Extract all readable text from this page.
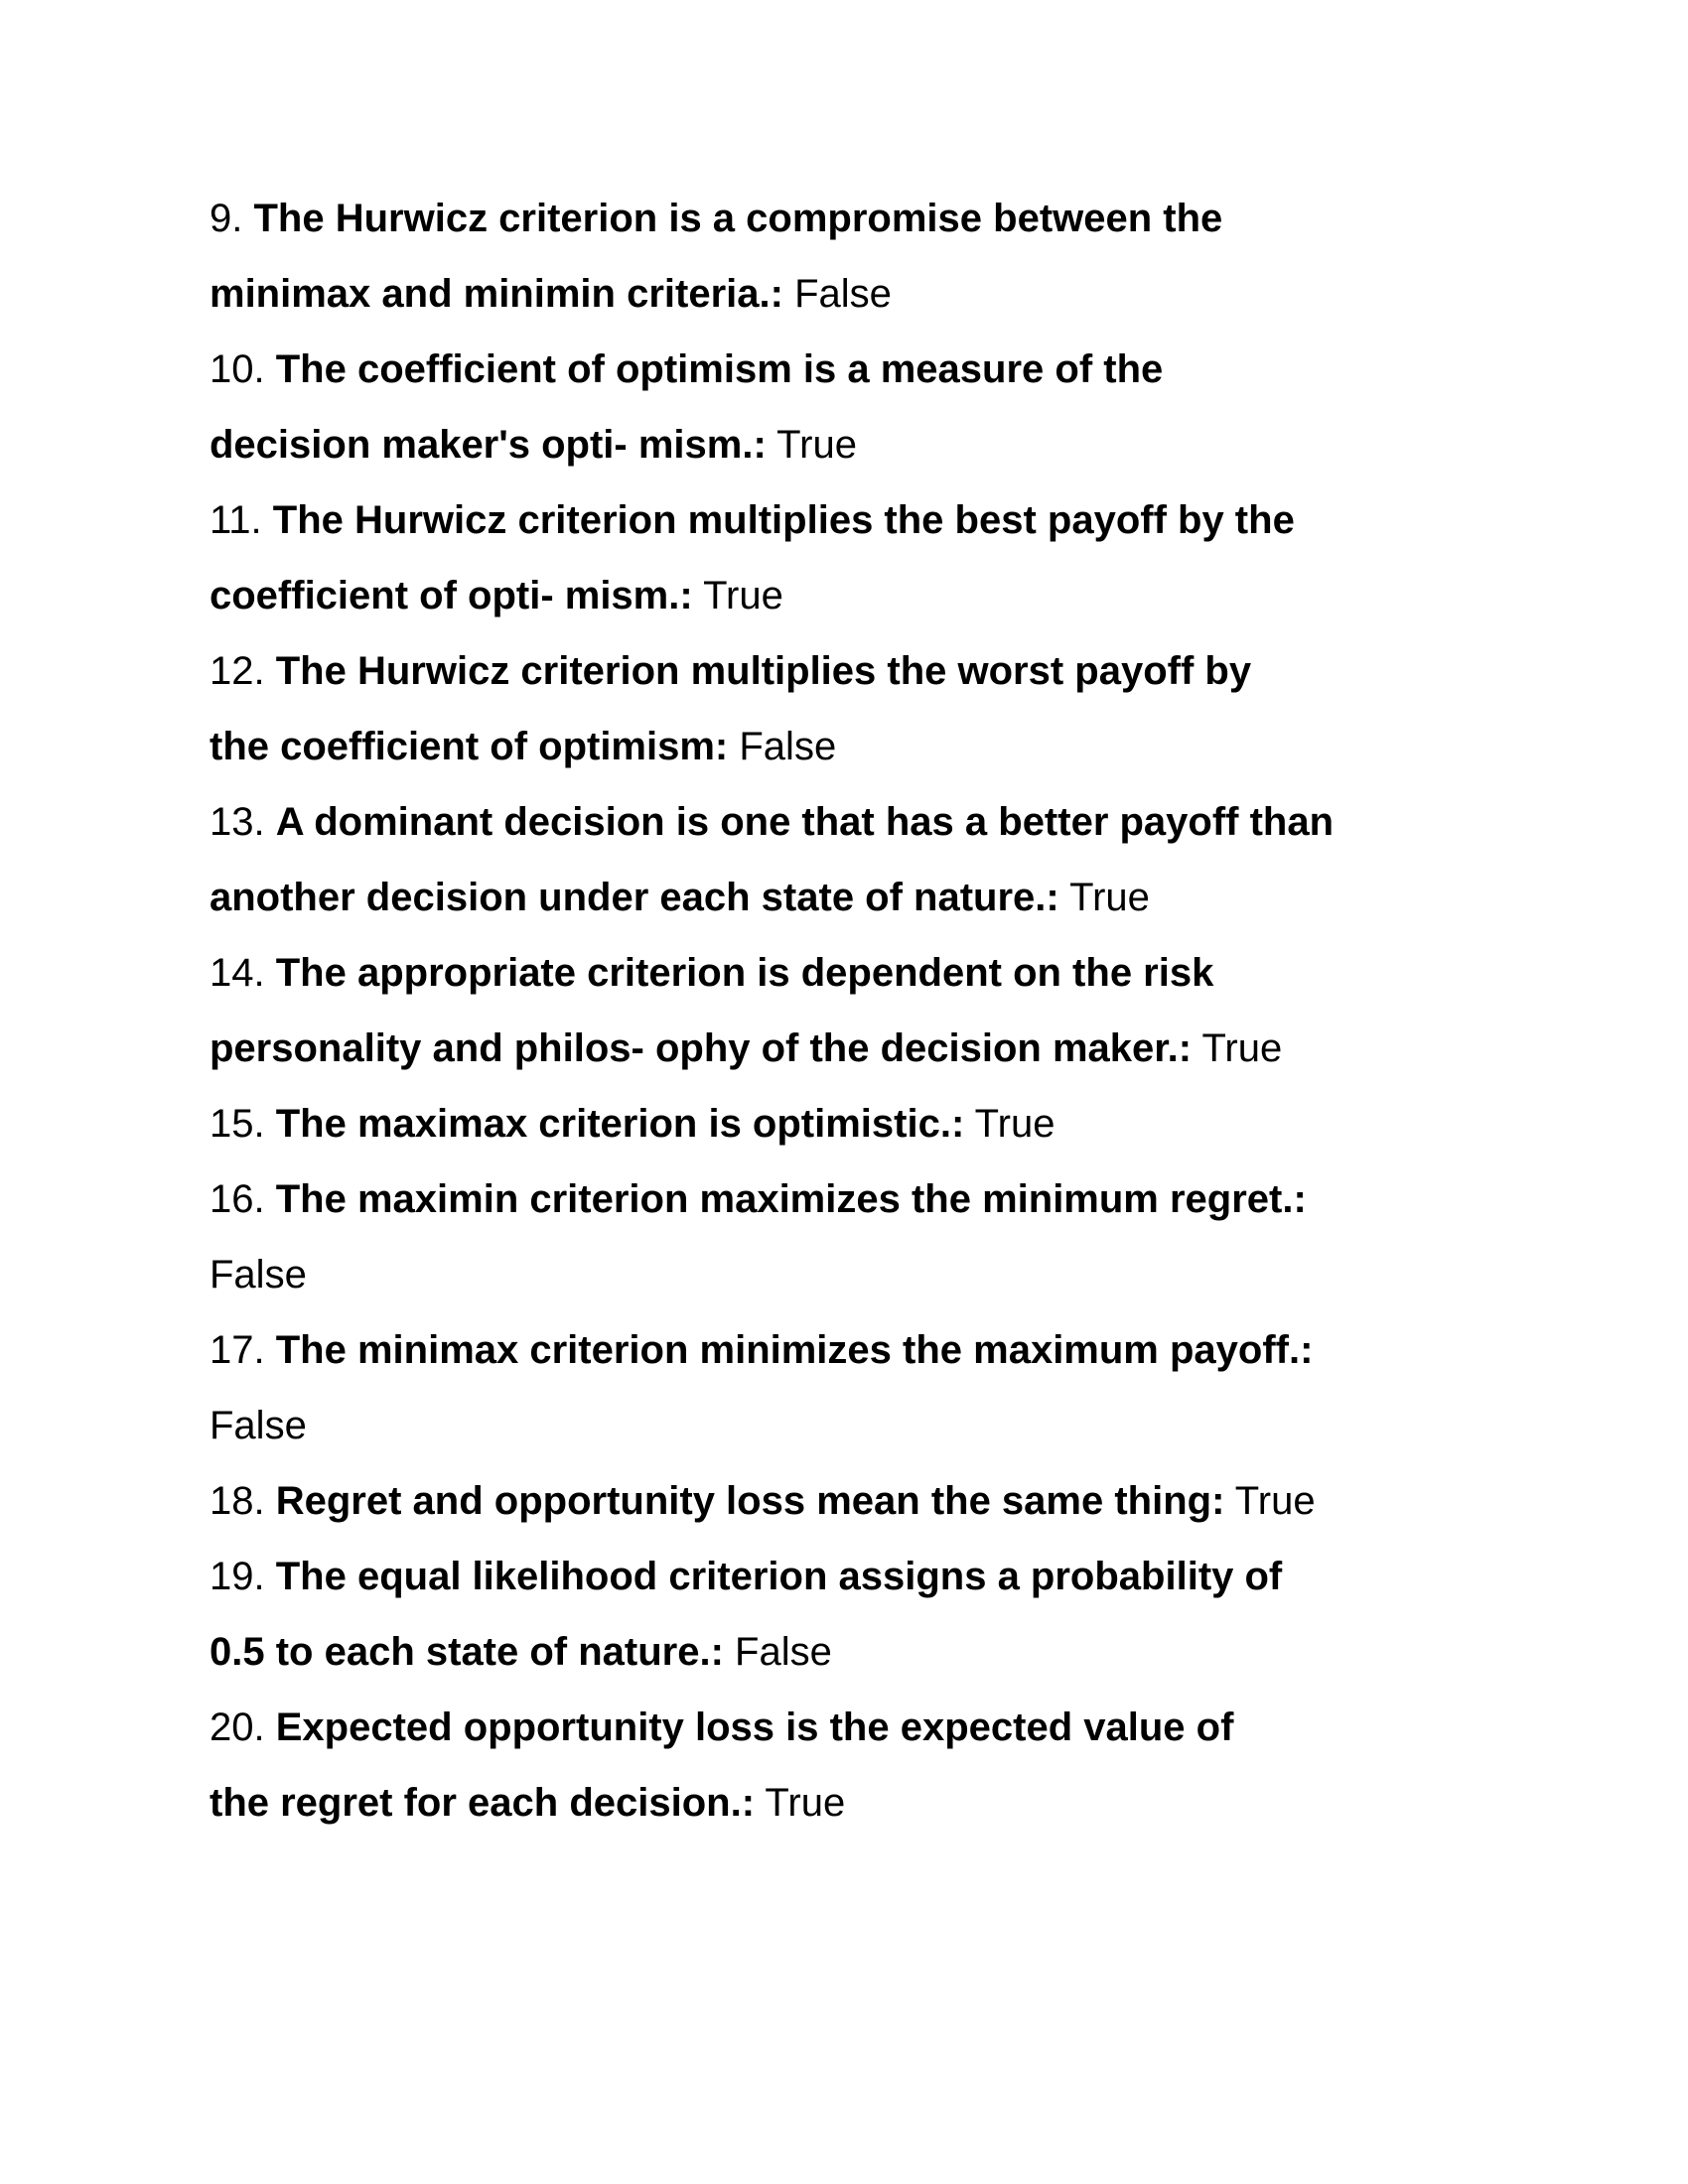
9. The Hurwicz criterion is a compromise between the
minimax and minimin criteria.: False
10. The coefficient of optimism is a measure of the
decision maker's opti- mism.: True
11. The Hurwicz criterion multiplies the best payoff by the
coefficient of opti- mism.: True
12. The Hurwicz criterion multiplies the worst payoff by
the coefficient of optimism: False
13. A dominant decision is one that has a better payoff than
another decision under each state of nature.: True
14. The appropriate criterion is dependent on the risk
personality and philos- ophy of the decision maker.: True
15. The maximax criterion is optimistic.: True
16. The maximin criterion maximizes the minimum regret.:
False
17. The minimax criterion minimizes the maximum payoff.:
False
18. Regret and opportunity loss mean the same thing: True
19. The equal likelihood criterion assigns a probability of
0.5 to each state of nature.: False
20. Expected opportunity loss is the expected value of
the regret for each decision.: True
